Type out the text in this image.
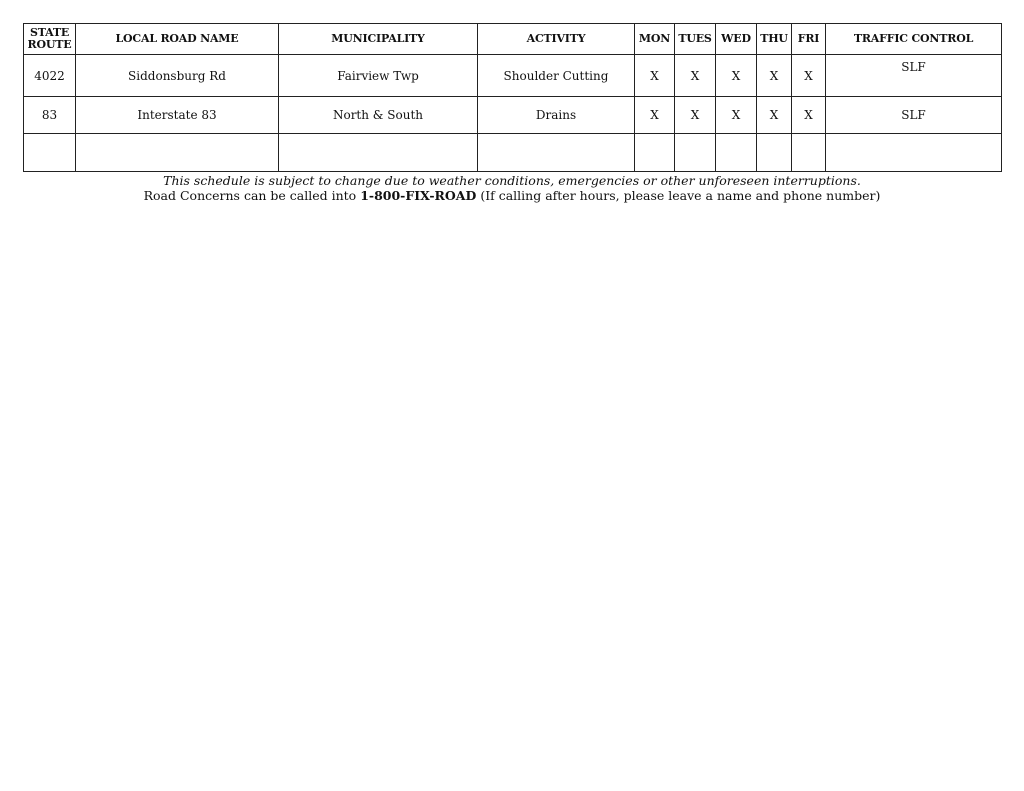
STATE
ROUTE	LOCAL ROAD NAME	MUNICIPALITY	ACTIVITY	MON	TUES	WED	THU	FRI	TRAFFIC CONTROL
4022	Siddonsburg Rd	Fairview Twp	Shoulder Cutting	X	X	X	X	X	SLF
83	Interstate 83	North & South	Drains	X	X	X	X	X	SLF

This schedule is subject to change due to weather conditions, emergencies or other unforeseen interruptions.
Road Concerns can be called into 1-800-FIX-ROAD (If calling after hours, please leave a name and phone number)
